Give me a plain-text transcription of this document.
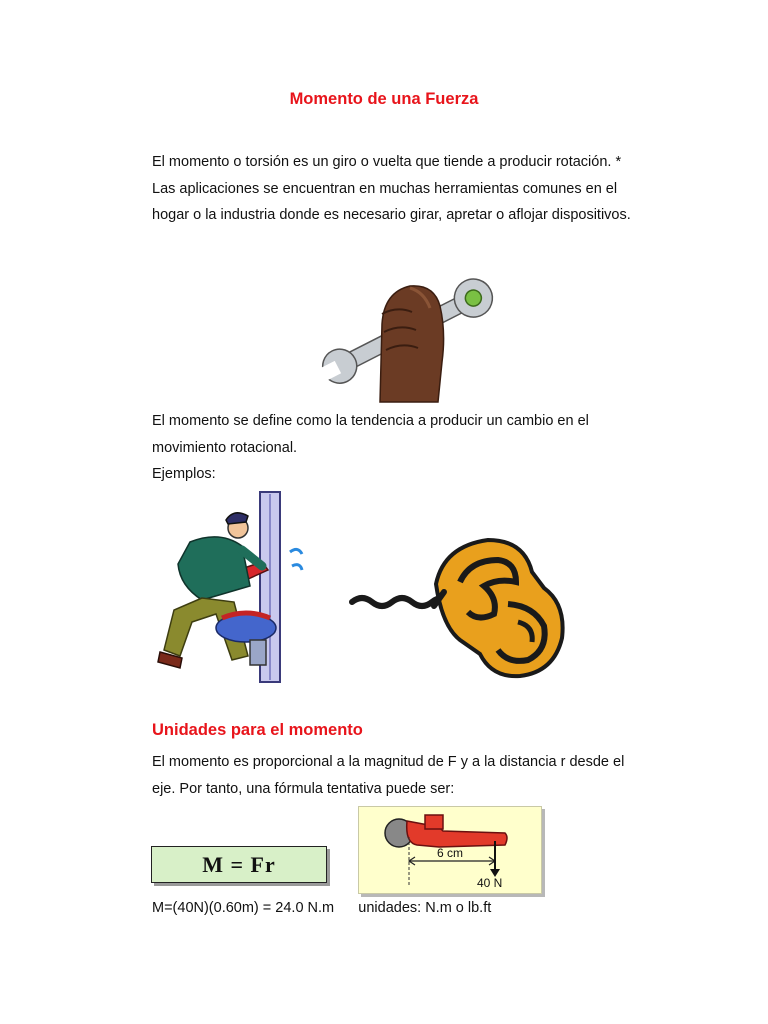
Momento de una Fuerza

El momento o torsión es un giro o vuelta que tiende a producir rotación. *
Las aplicaciones se encuentran en muchas herramientas comunes en el
hogar o la industria donde es necesario girar, apretar o aflojar dispositivos.

El momento se define como la tendencia a producir un cambio en el
movimiento rotacional.
Ejemplos:

Unidades para el momento

El momento es proporcional a la magnitud de F y a la distancia r desde el
eje. Por tanto, una fórmula tentativa puede ser:

M = Fr	6 cm
40 N
M=(40N)(0.60m) = 24.0 N.m      unidades: N.m o lb.ft
